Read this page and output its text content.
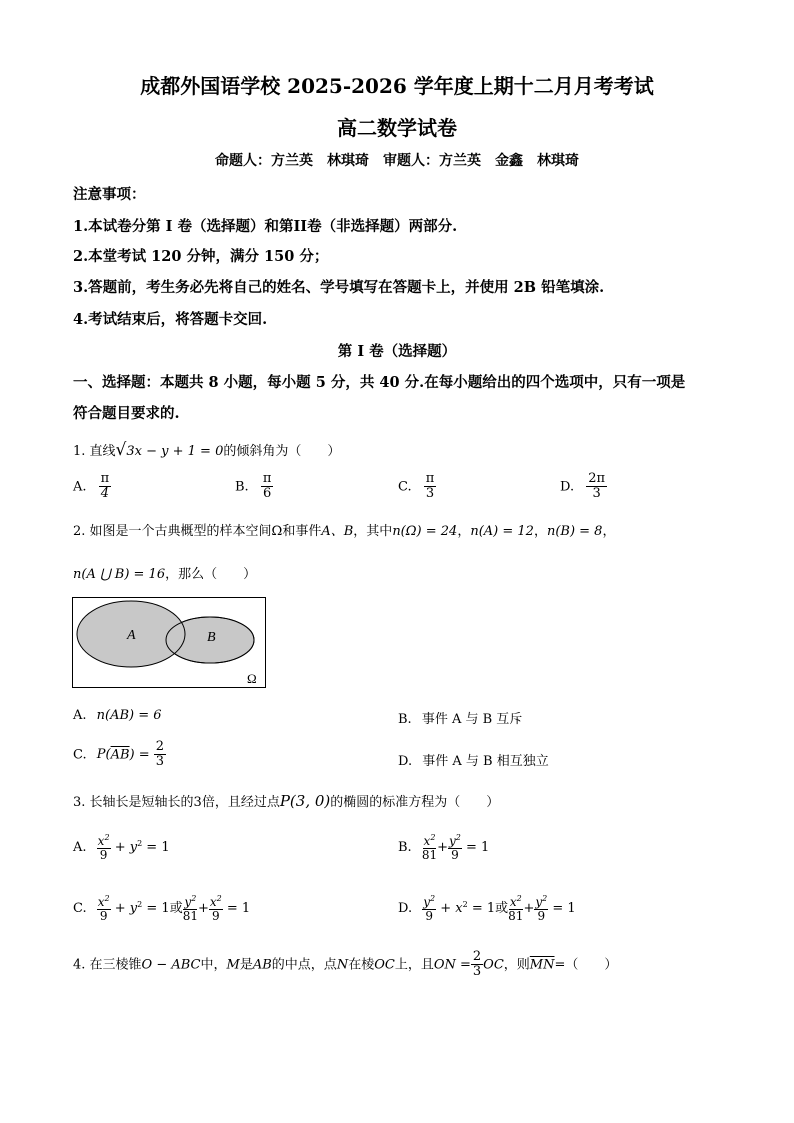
成都外国语学校 2025-2026 学年度上期十二月月考考试
高二数学试卷
命题人：方兰英　林琪琦　审题人：方兰英　金鑫　林琪琦
注意事项：
1.本试卷分第 I 卷（选择题）和第II卷（非选择题）两部分.
2.本堂考试 120 分钟，满分 150 分；
3.答题前，考生务必先将自己的姓名、学号填写在答题卡上，并使用 2B 铅笔填涂.
4.考试结束后，将答题卡交回.
第 I 卷（选择题）
一、选择题：本题共 8 小题，每小题 5 分，共 40 分.在每小题给出的四个选项中，只有一项是
符合题目要求的.
1. 直线√3x − y + 1 = 0的倾斜角为（　　）
A. $\frac{\pi}{4}$	B. $\frac{\pi}{6}$	C. $\frac{\pi}{3}$	D. $\frac{2\pi}{3}$
2. 如图是一个古典概型的样本空间Ω和事件A、B，其中n(Ω) = 24，n(A) = 12，n(B) = 8，
n(A ⋃ B) = 16，那么（　　）
A	B
Ω
A. n(AB) = 6	B. 事件 A 与 B 互斥
C. $P(\overline{AB}) = \frac{2}{3}$	D. 事件 A 与 B 相互独立
3. 长轴长是短轴长的3倍，且经过点P(3, 0)的椭圆的标准方程为（　　）
A. $\frac{x^2}{9} + y^2 = 1$	B. $\frac{x^2}{81} + \frac{y^2}{9} = 1$
C. $\frac{x^2}{9} + y^2 = 1$或 $\frac{y^2}{81} + \frac{x^2}{9} = 1$	D. $\frac{y^2}{9} + x^2 = 1$或 $\frac{x^2}{81} + \frac{y^2}{9} = 1$
4. 在三棱锥O − ABC中，M是AB的中点，点N在棱OC上，且ON = $\frac{2}{3}$ OC，则$\overline{MN}=$（　　）
